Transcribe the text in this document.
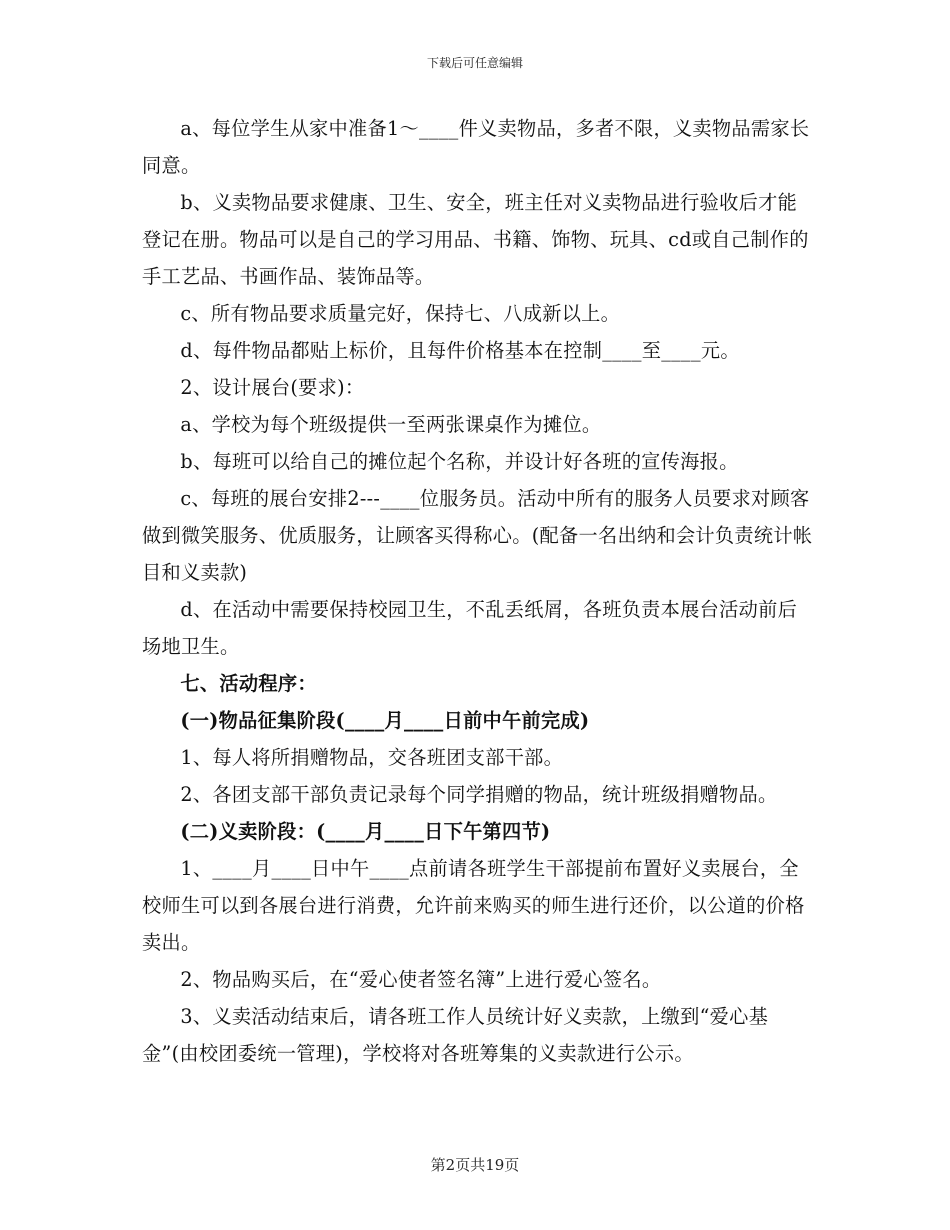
下载后可任意编辑

a、每位学生从家中准备1～____件义卖物品，多者不限，义卖物品需家长同意。

b、义卖物品要求健康、卫生、安全，班主任对义卖物品进行验收后才能登记在册。物品可以是自己的学习用品、书籍、饰物、玩具、cd或自己制作的手工艺品、书画作品、装饰品等。

c、所有物品要求质量完好，保持七、八成新以上。

d、每件物品都贴上标价，且每件价格基本在控制____至____元。

2、设计展台(要求)：

a、学校为每个班级提供一至两张课桌作为摊位。

b、每班可以给自己的摊位起个名称，并设计好各班的宣传海报。

c、每班的展台安排2---____位服务员。活动中所有的服务人员要求对顾客做到微笑服务、优质服务，让顾客买得称心。(配备一名出纳和会计负责统计帐目和义卖款)

d、在活动中需要保持校园卫生，不乱丢纸屑，各班负责本展台活动前后场地卫生。

七、活动程序：

(一)物品征集阶段(____月____日前中午前完成)

1、每人将所捐赠物品，交各班团支部干部。

2、各团支部干部负责记录每个同学捐赠的物品，统计班级捐赠物品。

(二)义卖阶段：(____月____日下午第四节)

1、____月____日中午____点前请各班学生干部提前布置好义卖展台，全校师生可以到各展台进行消费，允许前来购买的师生进行还价，以公道的价格卖出。

2、物品购买后，在“爱心使者签名簿”上进行爱心签名。

3、义卖活动结束后，请各班工作人员统计好义卖款，上缴到“爱心基金”(由校团委统一管理)，学校将对各班筹集的义卖款进行公示。

第2页共19页
